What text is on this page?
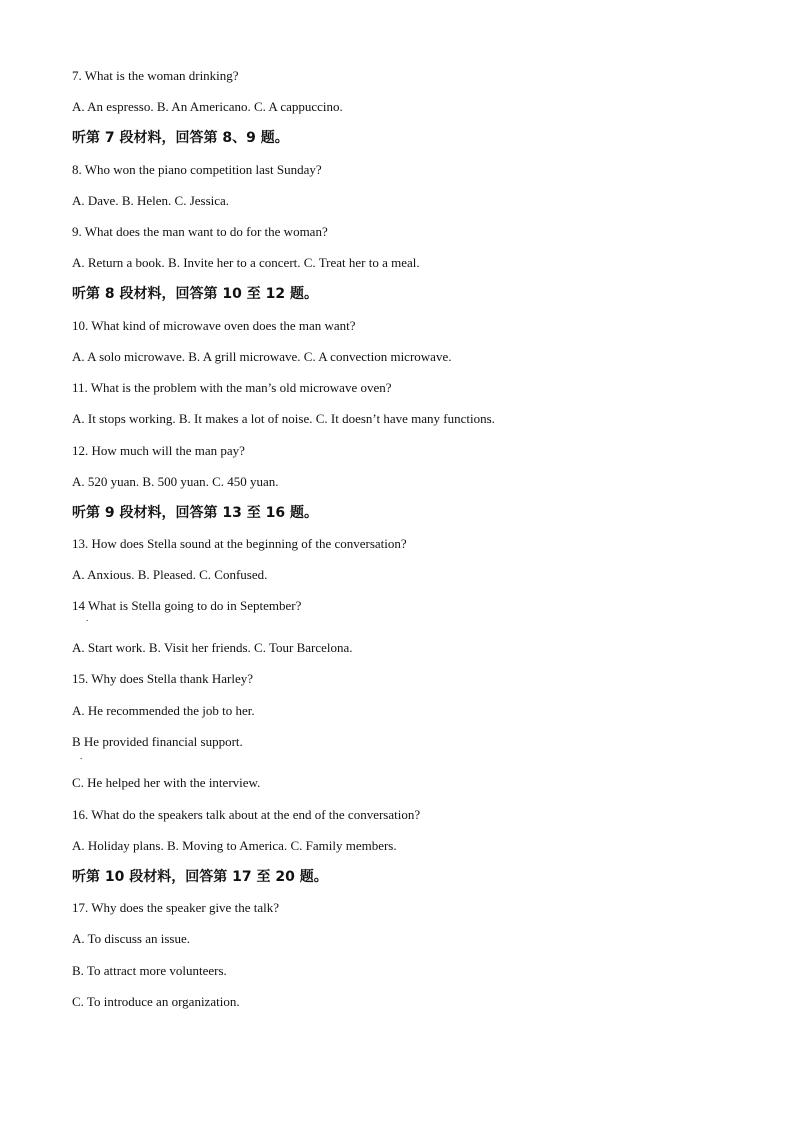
7. What is the woman drinking?
A. An espresso. B. An Americano. C. A cappuccino.
听第 7 段材料，回答第 8、9 题。
8. Who won the piano competition last Sunday?
A. Dave. B. Helen. C. Jessica.
9. What does the man want to do for the woman?
A. Return a book. B. Invite her to a concert. C. Treat her to a meal.
听第 8 段材料，回答第 10 至 12 题。
10. What kind of microwave oven does the man want?
A. A solo microwave. B. A grill microwave. C. A convection microwave.
11. What is the problem with the man’s old microwave oven?
A. It stops working. B. It makes a lot of noise. C. It doesn’t have many functions.
12. How much will the man pay?
A. 520 yuan. B. 500 yuan. C. 450 yuan.
听第 9 段材料，回答第 13 至 16 题。
13. How does Stella sound at the beginning of the conversation?
A. Anxious. B. Pleased. C. Confused.
14 What is Stella going to do in September?
.
A. Start work. B. Visit her friends. C. Tour Barcelona.
15. Why does Stella thank Harley?
A. He recommended the job to her.
B He provided financial support.
.
C. He helped her with the interview.
16. What do the speakers talk about at the end of the conversation?
A. Holiday plans. B. Moving to America. C. Family members.
听第 10 段材料，回答第 17 至 20 题。
17. Why does the speaker give the talk?
A. To discuss an issue.
B. To attract more volunteers.
C. To introduce an organization.
